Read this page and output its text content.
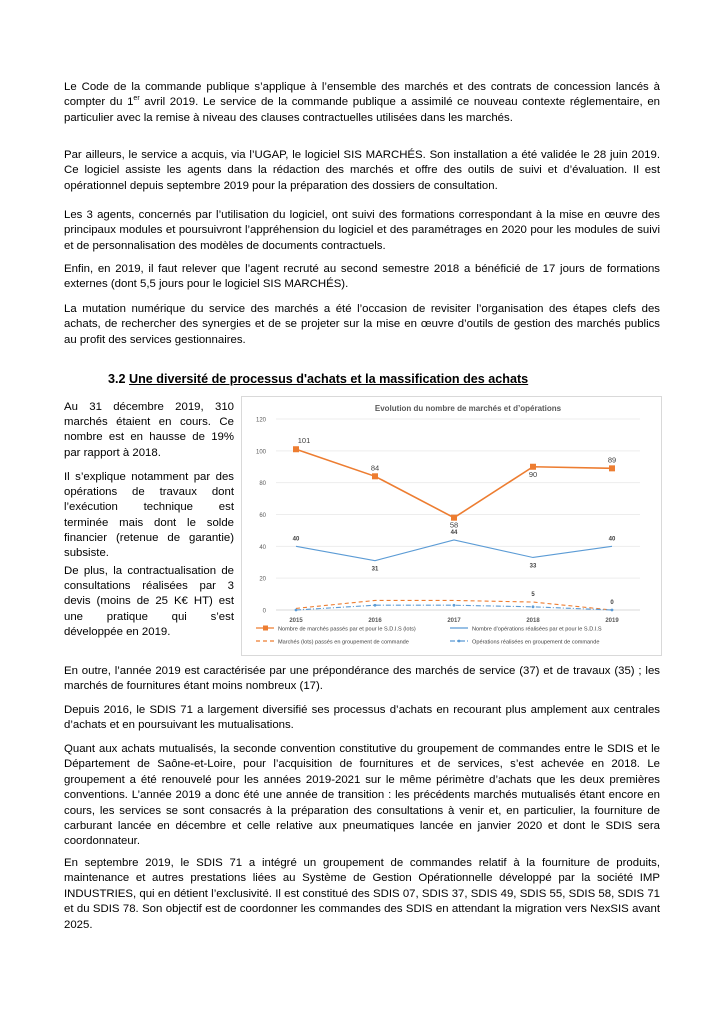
Le Code de la commande publique s’applique à l’ensemble des marchés et des contrats de concession lancés à compter du 1er avril 2019. Le service de la commande publique a assimilé ce nouveau contexte réglementaire, en particulier avec la remise à niveau des clauses contractuelles utilisées dans les marchés.

Par ailleurs, le service a acquis, via l’UGAP, le logiciel SIS MARCHÉS. Son installation a été validée le 28 juin 2019. Ce logiciel assiste les agents dans la rédaction des marchés et offre des outils de suivi et d’évaluation. Il est opérationnel depuis septembre 2019 pour la préparation des dossiers de consultation.

Les 3 agents, concernés par l’utilisation du logiciel, ont suivi des formations correspondant à la mise en œuvre des principaux modules et poursuivront l’appréhension du logiciel et des paramétrages en 2020 pour les modules de suivi et de personnalisation des modèles de documents contractuels.

Enfin, en 2019, il faut relever que l’agent recruté au second semestre 2018 a bénéficié de 17 jours de formations externes (dont 5,5 jours pour le logiciel SIS MARCHÉS).

La mutation numérique du service des marchés a été l’occasion de revisiter l’organisation des étapes clefs des achats, de rechercher des synergies et de se projeter sur la mise en œuvre d’outils de gestion des marchés publics au profit des services gestionnaires.

3.2 Une diversité de processus d'achats et la massification des achats

Au 31 décembre 2019, 310 marchés étaient en cours. Ce nombre est en hausse de 19% par rapport à 2018.

Il s’explique notamment par des opérations de travaux dont l’exécution technique est terminée mais dont le solde financier (retenue de garantie) subsiste.

De plus, la contractualisation de consultations réalisées par 3 devis (moins de 25 K€ HT) est une pratique qui s’est développée en 2019.

Evolution du nombre de marchés et d’opérations
0
20
40
60
80
100
120
2015	2016	2017	2018	2019
101
84
58
90
89
40
31
44
33
40
5
0
Nombre de marchés passés par et pour le S.D.I.S (lots)	Nombre d’opérations réalisées par et pour le S.D.I.S
Marchés (lots) passés en groupement de commande	Opérations réalisées en groupement de commande

En outre, l’année 2019 est caractérisée par une prépondérance des marchés de service (37) et de travaux (35) ; les marchés de fournitures étant moins nombreux (17).

Depuis 2016, le SDIS 71 a largement diversifié ses processus d’achats en recourant plus amplement aux centrales d’achats et en poursuivant les mutualisations.

Quant aux achats mutualisés, la seconde convention constitutive du groupement de commandes entre le SDIS et le Département de Saône-et-Loire, pour l’acquisition de fournitures et de services, s’est achevée en 2018. Le groupement a été renouvelé pour les années 2019-2021 sur le même périmètre d’achats que les deux premières conventions. L’année 2019 a donc été une année de transition : les précédents marchés mutualisés étant encore en cours, les services se sont consacrés à la préparation des consultations à venir et, en particulier, la fourniture de carburant lancée en décembre et celle relative aux pneumatiques lancée en janvier 2020 et dont le SDIS sera coordonnateur.

En septembre 2019, le SDIS 71 a intégré un groupement de commandes relatif à la fourniture de produits, maintenance et autres prestations liées au Système de Gestion Opérationnelle développé par la société IMP INDUSTRIES, qui en détient l’exclusivité. Il est constitué des SDIS 07, SDIS 37, SDIS 49, SDIS 55, SDIS 58, SDIS 71 et du SDIS 78. Son objectif est de coordonner les commandes des SDIS en attendant la migration vers NexSIS avant 2025.
